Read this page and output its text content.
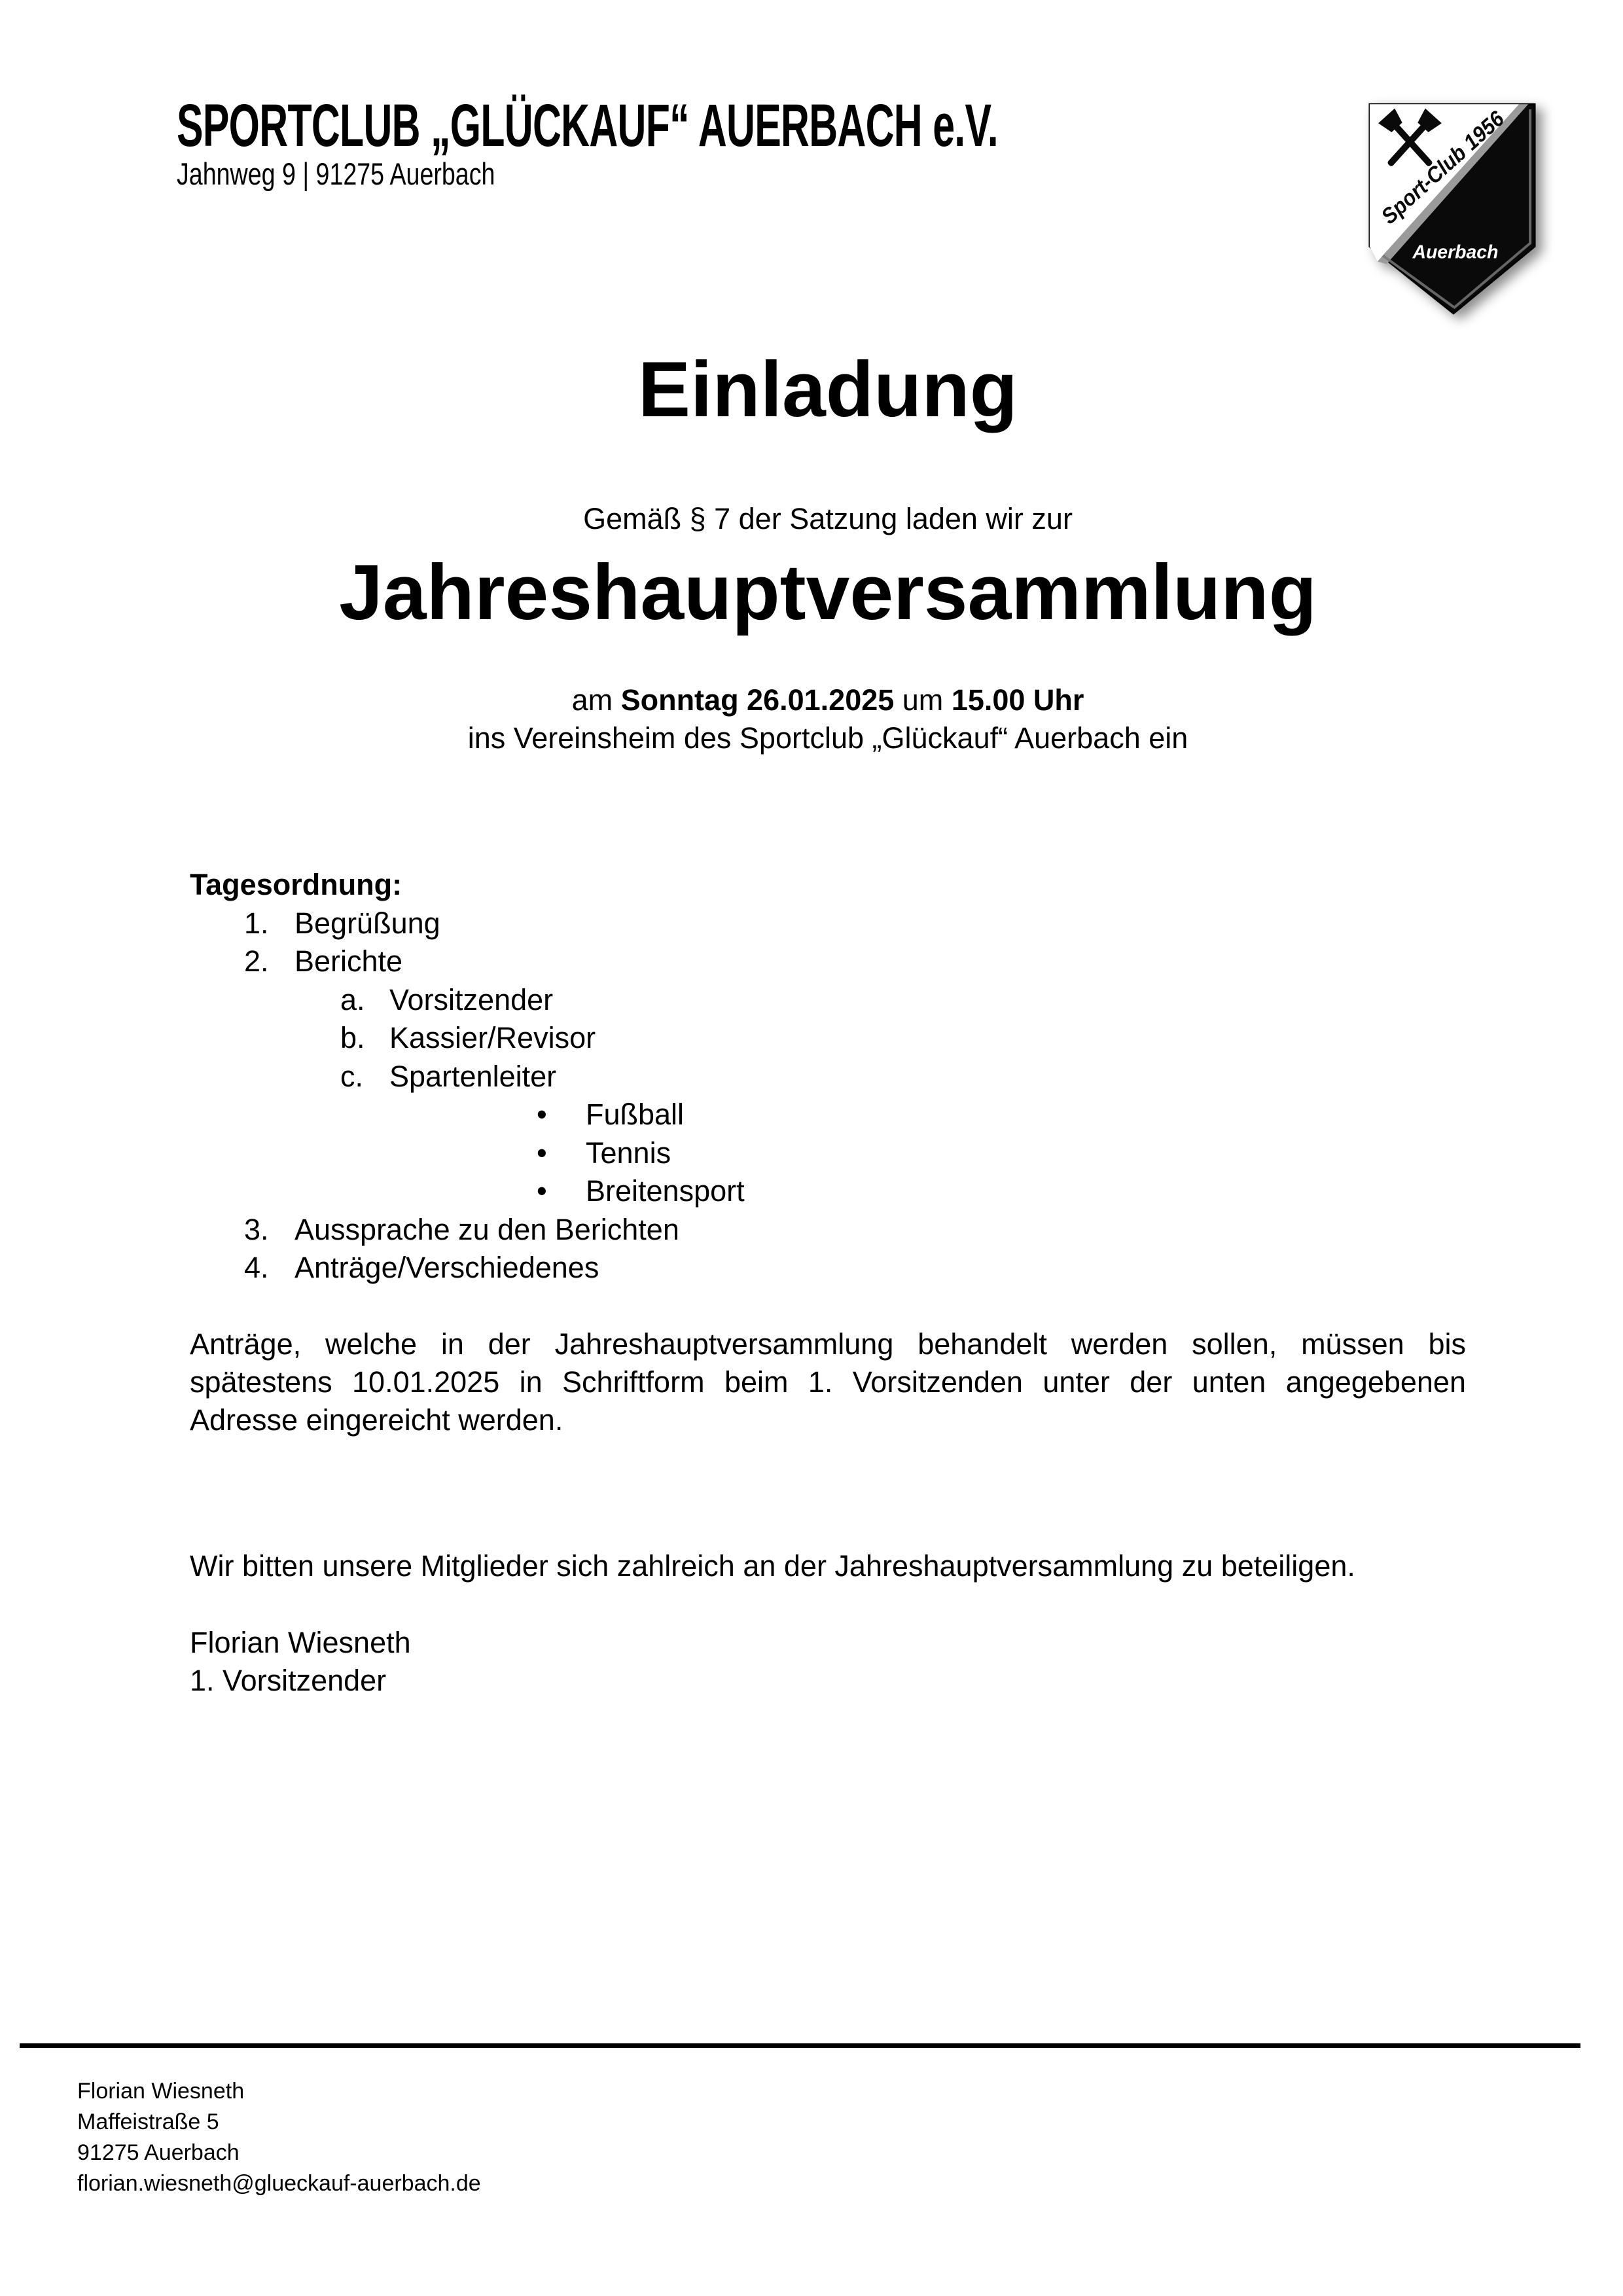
SPORTCLUB „GLÜCKAUF“ AUERBACH e.V.
Jahnweg 9 | 91275 Auerbach	Sport-Club 1956
Auerbach
Einladung
Gemäß § 7 der Satzung laden wir zur
Jahreshauptversammlung
am Sonntag 26.01.2025 um 15.00 Uhr
ins Vereinsheim des Sportclub „Glückauf“ Auerbach ein
Tagesordnung:
1. Begrüßung
2. Berichte
a. Vorsitzender
b. Kassier/Revisor
c. Spartenleiter
• Fußball
• Tennis
• Breitensport
3. Aussprache zu den Berichten
4. Anträge/Verschiedenes
Anträge, welche in der Jahreshauptversammlung behandelt werden sollen, müssen bis
spätestens 10.01.2025 in Schriftform beim 1. Vorsitzenden unter der unten angegebenen
Adresse eingereicht werden.
Wir bitten unsere Mitglieder sich zahlreich an der Jahreshauptversammlung zu beteiligen.
Florian Wiesneth
1. Vorsitzender
Florian Wiesneth
Maffeistraße 5
91275 Auerbach
florian.wiesneth@glueckauf-auerbach.de
